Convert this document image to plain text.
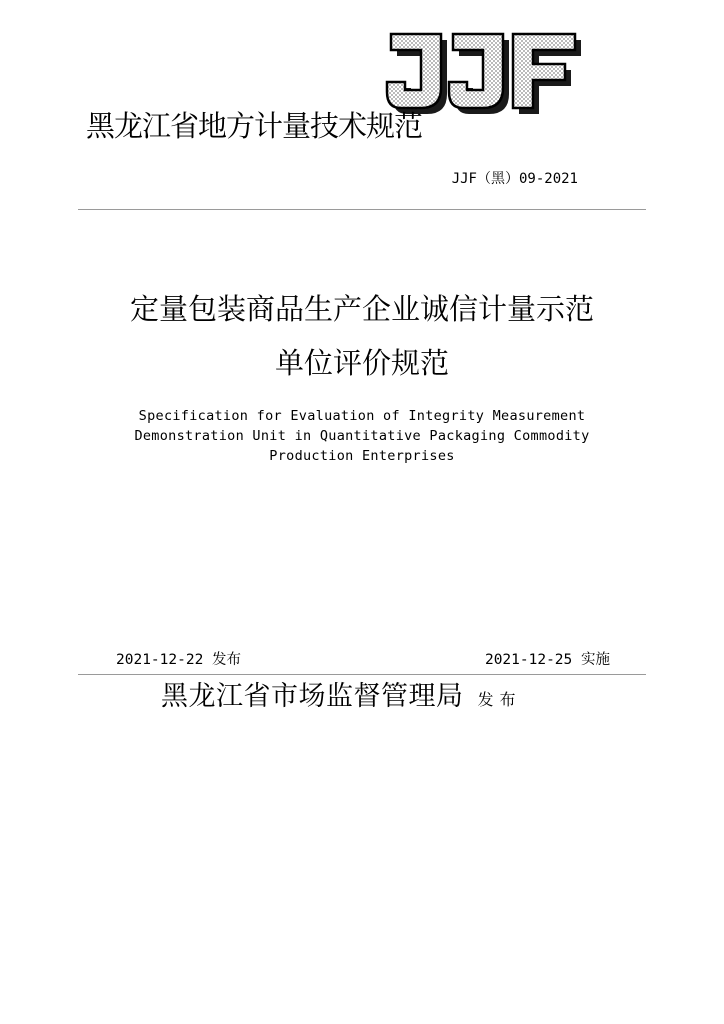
黑龙江省地方计量技术规范
JJF（黑）09-2021
定量包装商品生产企业诚信计量示范
单位评价规范
Specification for Evaluation of Integrity Measurement
Demonstration Unit in Quantitative Packaging Commodity
Production Enterprises
2021-12-22 发布	2021-12-25 实施
黑龙江省市场监督管理局 发布
